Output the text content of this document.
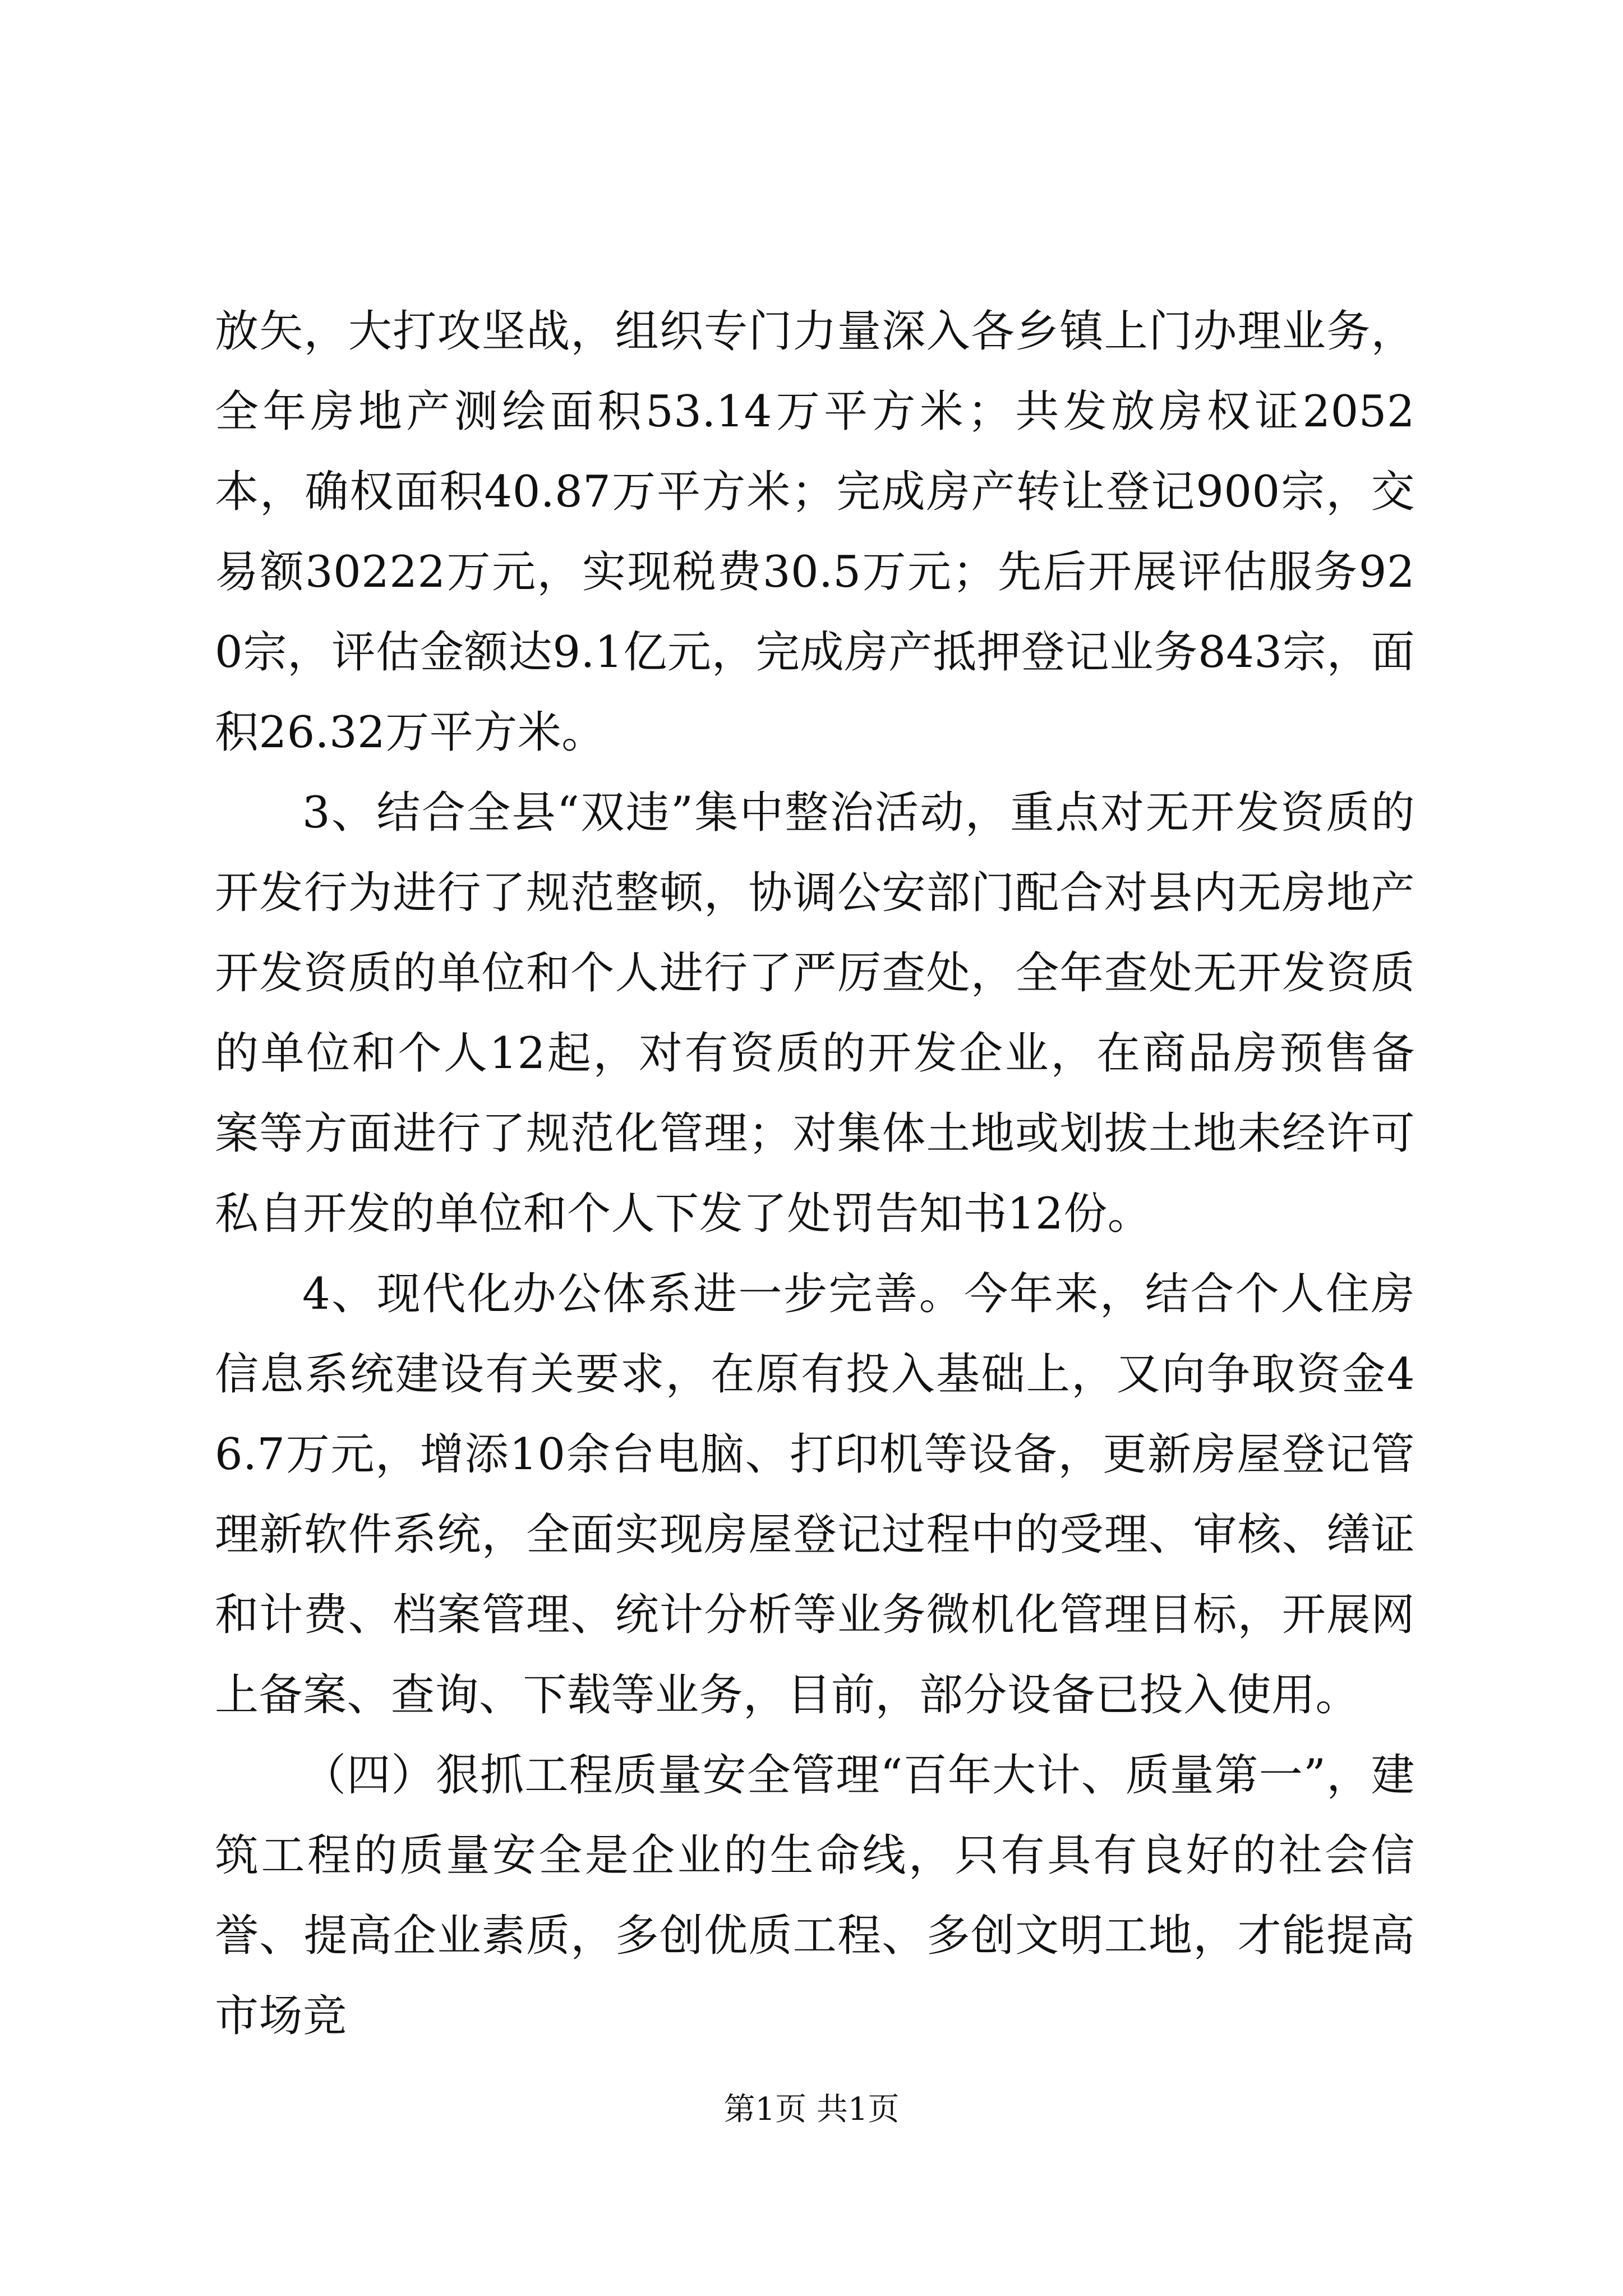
放矢，大打攻坚战，组织专门力量深入各乡镇上门办理业务，全年房地产测绘面积53.14万平方米；共发放房权证2052本，确权面积40.87万平方米；完成房产转让登记900宗，交易额30222万元，实现税费30.5万元；先后开展评估服务920宗，评估金额达9.1亿元，完成房产抵押登记业务843宗，面积26.32万平方米。

3、结合全县“双违”集中整治活动，重点对无开发资质的开发行为进行了规范整顿，协调公安部门配合对县内无房地产开发资质的单位和个人进行了严厉查处，全年查处无开发资质的单位和个人12起，对有资质的开发企业，在商品房预售备案等方面进行了规范化管理；对集体土地或划拔土地未经许可私自开发的单位和个人下发了处罚告知书12份。

4、现代化办公体系进一步完善。今年来，结合个人住房信息系统建设有关要求，在原有投入基础上，又向争取资金46.7万元，增添10余台电脑、打印机等设备，更新房屋登记管理新软件系统，全面实现房屋登记过程中的受理、审核、缮证和计费、档案管理、统计分析等业务微机化管理目标，开展网上备案、查询、下载等业务，目前，部分设备已投入使用。

（四）狠抓工程质量安全管理“百年大计、质量第一”，建筑工程的质量安全是企业的生命线，只有具有良好的社会信誉、提高企业素质，多创优质工程、多创文明工地，才能提高市场竞

第1页 共1页
